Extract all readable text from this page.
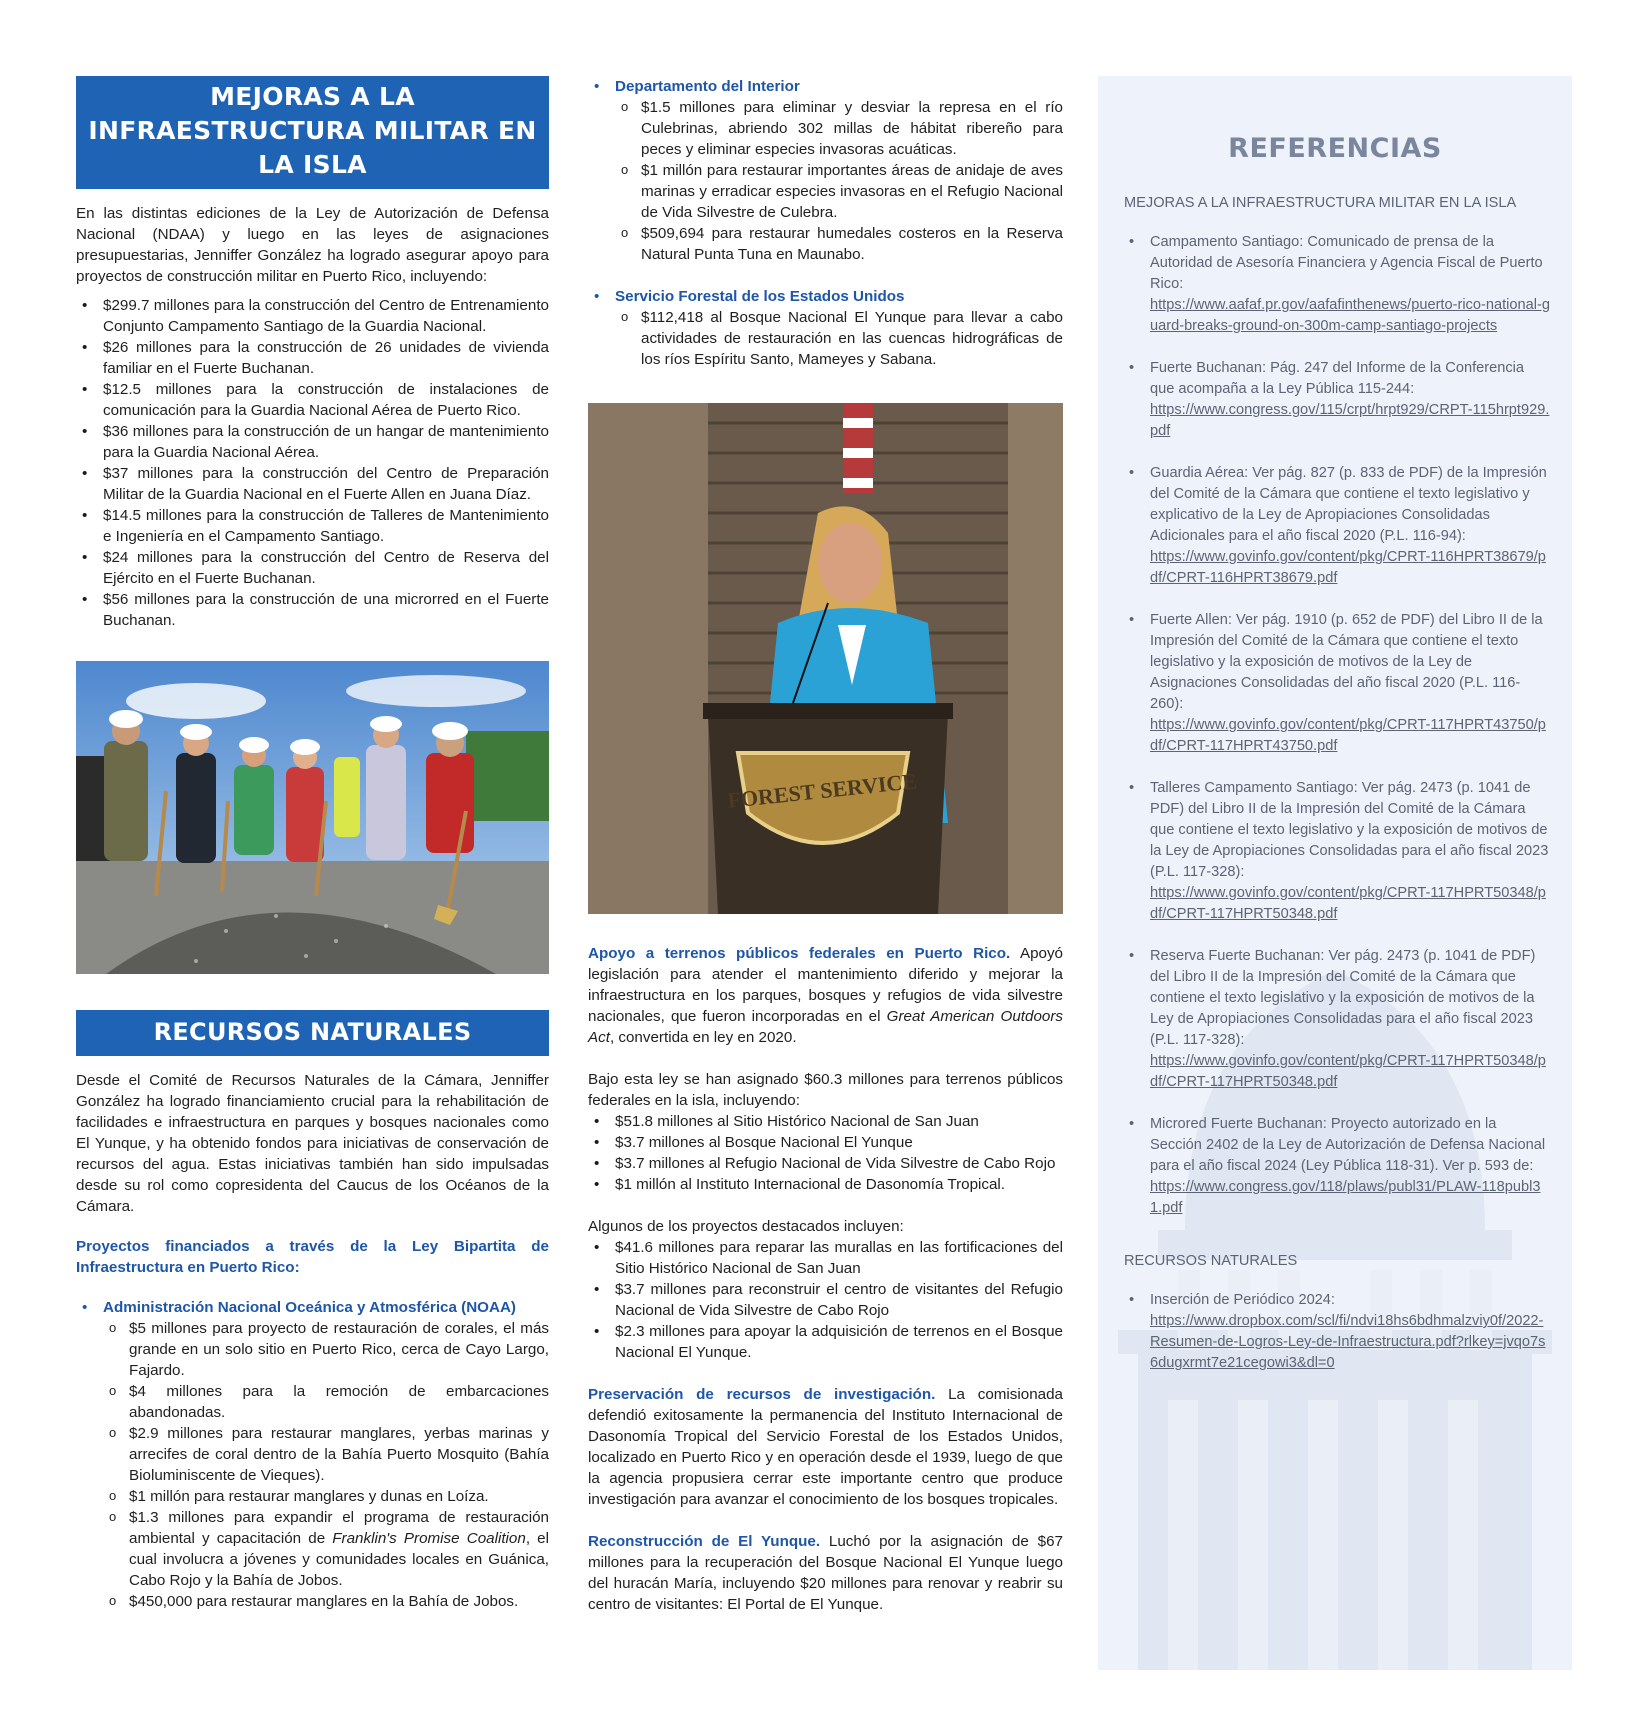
MEJORAS A LA INFRAESTRUCTURA MILITAR EN LA ISLA

En las distintas ediciones de la Ley de Autorización de Defensa Nacional (NDAA) y luego en las leyes de asignaciones presupuestarias, Jenniffer González ha logrado asegurar apoyo para proyectos de construcción militar en Puerto Rico, incluyendo:

• $299.7 millones para la construcción del Centro de Entrenamiento Conjunto Campamento Santiago de la Guardia Nacional.
• $26 millones para la construcción de 26 unidades de vivienda familiar en el Fuerte Buchanan.
• $12.5 millones para la construcción de instalaciones de comunicación para la Guardia Nacional Aérea de Puerto Rico.
• $36 millones para la construcción de un hangar de mantenimiento para la Guardia Nacional Aérea.
• $37 millones para la construcción del Centro de Preparación Militar de la Guardia Nacional en el Fuerte Allen en Juana Díaz.
• $14.5 millones para la construcción de Talleres de Mantenimiento e Ingeniería en el Campamento Santiago.
• $24 millones para la construcción del Centro de Reserva del Ejército en el Fuerte Buchanan.
• $56 millones para la construcción de una microrred en el Fuerte Buchanan.
RECURSOS NATURALES

Desde el Comité de Recursos Naturales de la Cámara, Jenniffer González ha logrado financiamiento crucial para la rehabilitación de facilidades e infraestructura en parques y bosques nacionales como El Yunque, y ha obtenido fondos para iniciativas de conservación de recursos del agua. Estas iniciativas también han sido impulsadas desde su rol como copresidenta del Caucus de los Océanos de la Cámara.

Proyectos financiados a través de la Ley Bipartita de Infraestructura en Puerto Rico:

• Administración Nacional Oceánica y Atmosférica (NOAA)
o $5 millones para proyecto de restauración de corales, el más grande en un solo sitio en Puerto Rico, cerca de Cayo Largo, Fajardo.
o $4 millones para la remoción de embarcaciones abandonadas.
o $2.9 millones para restaurar manglares, yerbas marinas y arrecifes de coral dentro de la Bahía Puerto Mosquito (Bahía Bioluminiscente de Vieques).
o $1 millón para restaurar manglares y dunas en Loíza.
o $1.3 millones para expandir el programa de restauración ambiental y capacitación de Franklin's Promise Coalition, el cual involucra a jóvenes y comunidades locales en Guánica, Cabo Rojo y la Bahía de Jobos.
o $450,000 para restaurar manglares en la Bahía de Jobos.
• Departamento del Interior
o $1.5 millones para eliminar y desviar la represa en el río Culebrinas, abriendo 302 millas de hábitat ribereño para peces y eliminar especies invasoras acuáticas.
o $1 millón para restaurar importantes áreas de anidaje de aves marinas y erradicar especies invasoras en el Refugio Nacional de Vida Silvestre de Culebra.
o $509,694 para restaurar humedales costeros en la Reserva Natural Punta Tuna en Maunabo.
• Servicio Forestal de los Estados Unidos
o $112,418 al Bosque Nacional El Yunque para llevar a cabo actividades de restauración en las cuencas hidrográficas de los ríos Espíritu Santo, Mameyes y Sabana.
FOREST SERVICE

Apoyo a terrenos públicos federales en Puerto Rico. Apoyó legislación para atender el mantenimiento diferido y mejorar la infraestructura en los parques, bosques y refugios de vida silvestre nacionales, que fueron incorporadas en el Great American Outdoors Act, convertida en ley en 2020.

Bajo esta ley se han asignado $60.3 millones para terrenos públicos federales en la isla, incluyendo:

• $51.8 millones al Sitio Histórico Nacional de San Juan
• $3.7 millones al Bosque Nacional El Yunque
• $3.7 millones al Refugio Nacional de Vida Silvestre de Cabo Rojo
• $1 millón al Instituto Internacional de Dasonomía Tropical.

Algunos de los proyectos destacados incluyen:

• $41.6 millones para reparar las murallas en las fortificaciones del Sitio Histórico Nacional de San Juan
• $3.7 millones para reconstruir el centro de visitantes del Refugio Nacional de Vida Silvestre de Cabo Rojo
• $2.3 millones para apoyar la adquisición de terrenos en el Bosque Nacional El Yunque.

Preservación de recursos de investigación. La comisionada defendió exitosamente la permanencia del Instituto Internacional de Dasonomía Tropical del Servicio Forestal de los Estados Unidos, localizado en Puerto Rico y en operación desde el 1939, luego de que la agencia propusiera cerrar este importante centro que produce investigación para avanzar el conocimiento de los bosques tropicales.

Reconstrucción de El Yunque. Luchó por la asignación de $67 millones para la recuperación del Bosque Nacional El Yunque luego del huracán María, incluyendo $20 millones para renovar y reabrir su centro de visitantes: El Portal de El Yunque.

REFERENCIAS
MEJORAS A LA INFRAESTRUCTURA MILITAR EN LA ISLA
• Campamento Santiago: Comunicado de prensa de la Autoridad de Asesoría Financiera y Agencia Fiscal de Puerto Rico:
https://www.aafaf.pr.gov/aafafinthenews/puerto-rico-national-guard-breaks-ground-on-300m-camp-santiago-projects
• Fuerte Buchanan: Pág. 247 del Informe de la Conferencia que acompaña a la Ley Pública 115-244:
https://www.congress.gov/115/crpt/hrpt929/CRPT-115hrpt929.pdf
• Guardia Aérea: Ver pág. 827 (p. 833 de PDF) de la Impresión del Comité de la Cámara que contiene el texto legislativo y explicativo de la Ley de Apropiaciones Consolidadas Adicionales para el año fiscal 2020 (P.L. 116-94):
https://www.govinfo.gov/content/pkg/CPRT-116HPRT38679/pdf/CPRT-116HPRT38679.pdf
• Fuerte Allen: Ver pág. 1910 (p. 652 de PDF) del Libro II de la Impresión del Comité de la Cámara que contiene el texto legislativo y la exposición de motivos de la Ley de Asignaciones Consolidadas del año fiscal 2020 (P.L. 116-260):
https://www.govinfo.gov/content/pkg/CPRT-117HPRT43750/pdf/CPRT-117HPRT43750.pdf
• Talleres Campamento Santiago: Ver pág. 2473 (p. 1041 de PDF) del Libro II de la Impresión del Comité de la Cámara que contiene el texto legislativo y la exposición de motivos de la Ley de Apropiaciones Consolidadas para el año fiscal 2023 (P.L. 117-328):
https://www.govinfo.gov/content/pkg/CPRT-117HPRT50348/pdf/CPRT-117HPRT50348.pdf
• Reserva Fuerte Buchanan: Ver pág. 2473 (p. 1041 de PDF) del Libro II de la Impresión del Comité de la Cámara que contiene el texto legislativo y la exposición de motivos de la Ley de Apropiaciones Consolidadas para el año fiscal 2023 (P.L. 117-328):
https://www.govinfo.gov/content/pkg/CPRT-117HPRT50348/pdf/CPRT-117HPRT50348.pdf
• Microred Fuerte Buchanan: Proyecto autorizado en la Sección 2402 de la Ley de Autorización de Defensa Nacional para el año fiscal 2024 (Ley Pública 118-31). Ver p. 593 de:
https://www.congress.gov/118/plaws/publ31/PLAW-118publ31.pdf
RECURSOS NATURALES
• Inserción de Periódico 2024:
https://www.dropbox.com/scl/fi/ndvi18hs6bdhmalzviy0f/2022-Resumen-de-Logros-Ley-de-Infraestructura.pdf?rlkey=jvqo7s6dugxrmt7e21cegowi3&dl=0
